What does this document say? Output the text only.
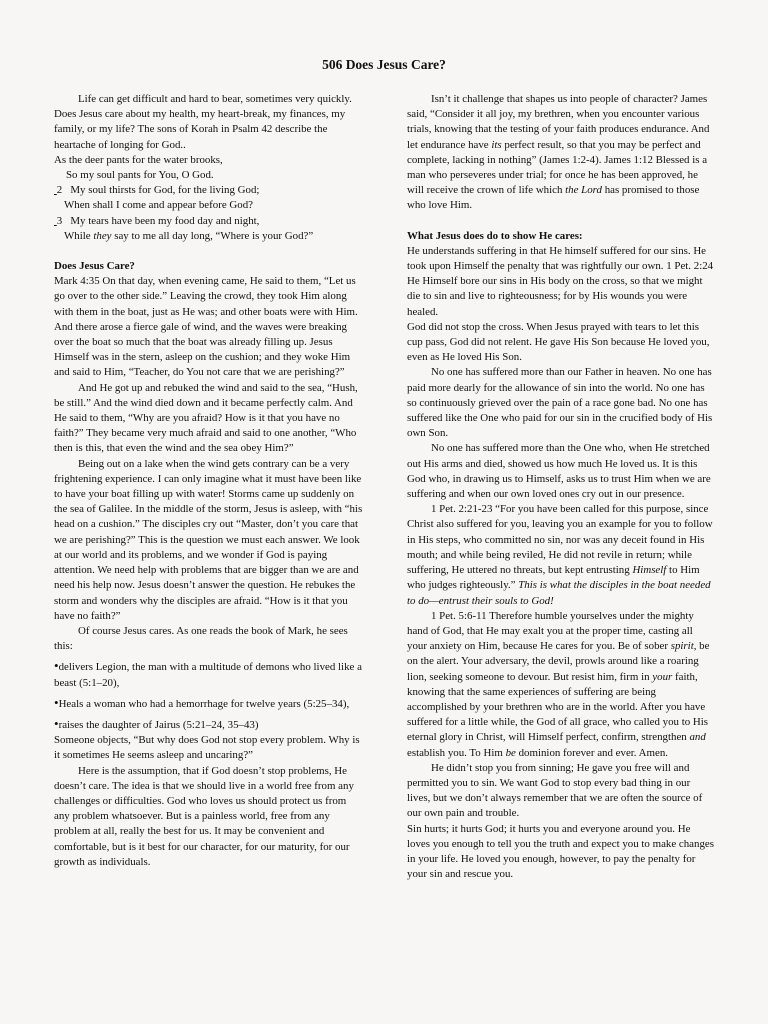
506 Does Jesus Care?

Life can get difficult and hard to bear, sometimes very quickly. Does Jesus care about my health, my heart-break, my finances, my family, or my life? The sons of Korah in Psalm 42 describe the heartache of longing for God..

As the deer pants for the water brooks,
So my soul pants for You, O God.
2 My soul thirsts for God, for the living God;
When shall I come and appear before God?
3 My tears have been my food day and night,
While they say to me all day long, “Where is your God?”

Does Jesus Care?

Mark 4:35 On that day, when evening came, He said to them, “Let us go over to the other side.” Leaving the crowd, they took Him along with them in the boat, just as He was; and other boats were with Him. And there arose a fierce gale of wind, and the waves were breaking over the boat so much that the boat was already filling up. Jesus Himself was in the stern, asleep on the cushion; and they woke Him and said to Him, “Teacher, do You not care that we are perishing?”

And He got up and rebuked the wind and said to the sea, “Hush, be still.” And the wind died down and it became perfectly calm. And He said to them, “Why are you afraid? How is it that you have no faith?” They became very much afraid and said to one another, “Who then is this, that even the wind and the sea obey Him?”

Being out on a lake when the wind gets contrary can be a very frightening experience. I can only imagine what it must have been like to have your boat filling up with water! Storms came up suddenly on the sea of Galilee. In the middle of the storm, Jesus is asleep, with “his head on a cushion.” The disciples cry out “Master, don’t you care that we are perishing?” This is the question we must each answer. We look at our world and its problems, and we wonder if God is paying attention. We need help with problems that are bigger than we are and need his help now. Jesus doesn’t answer the question. He rebukes the storm and wonders why the disciples are afraid. “How is it that you have no faith?”

Of course Jesus cares. As one reads the book of Mark, he sees this:

•delivers Legion, the man with a multitude of demons who lived like a beast (5:1–20),

•Heals a woman who had a hemorrhage for twelve years (5:25–34),

•raises the daughter of Jairus (5:21–24, 35–43)

Someone objects, “But why does God not stop every problem. Why is it sometimes He seems asleep and uncaring?”

Here is the assumption, that if God doesn’t stop problems, He doesn’t care. The idea is that we should live in a world free from any challenges or difficulties. God who loves us should protect us from any problem whatsoever. But is a painless world, free from any problem at all, really the best for us. It may be convenient and comfortable, but is it best for our character, for our maturity, for our growth as individuals.

Isn’t it challenge that shapes us into people of character? James said, “Consider it all joy, my brethren, when you encounter various trials, knowing that the testing of your faith produces endurance. And let endurance have its perfect result, so that you may be perfect and complete, lacking in nothing” (James 1:2-4). James 1:12 Blessed is a man who perseveres under trial; for once he has been approved, he will receive the crown of life which the Lord has promised to those who love Him.

What Jesus does do to show He cares:

He understands suffering in that He himself suffered for our sins. He took upon Himself the penalty that was rightfully our own. 1 Pet. 2:24 He Himself bore our sins in His body on the cross, so that we might die to sin and live to righteousness; for by His wounds you were healed.

God did not stop the cross. When Jesus prayed with tears to let this cup pass, God did not relent. He gave His Son because He loved you, even as He loved His Son.

No one has suffered more than our Father in heaven. No one has paid more dearly for the allowance of sin into the world. No one has so continuously grieved over the pain of a race gone bad. No one has suffered like the One who paid for our sin in the crucified body of His own Son.

No one has suffered more than the One who, when He stretched out His arms and died, showed us how much He loved us. It is this God who, in drawing us to Himself, asks us to trust Him when we are suffering and when our own loved ones cry out in our presence.

1 Pet. 2:21-23 “For you have been called for this purpose, since Christ also suffered for you, leaving you an example for you to follow in His steps, who committed no sin, nor was any deceit found in His mouth; and while being reviled, He did not revile in return; while suffering, He uttered no threats, but kept entrusting Himself to Him who judges righteously.” This is what the disciples in the boat needed to do—entrust their souls to God!

1 Pet. 5:6-11 Therefore humble yourselves under the mighty hand of God, that He may exalt you at the proper time, casting all your anxiety on Him, because He cares for you. Be of sober spirit, be on the alert. Your adversary, the devil, prowls around like a roaring lion, seeking someone to devour. But resist him, firm in your faith, knowing that the same experiences of suffering are being accomplished by your brethren who are in the world. After you have suffered for a little while, the God of all grace, who called you to His eternal glory in Christ, will Himself perfect, confirm, strengthen and establish you. To Him be dominion forever and ever. Amen.

He didn’t stop you from sinning; He gave you free will and permitted you to sin. We want God to stop every bad thing in our lives, but we don’t always remember that we are often the source of our own pain and trouble.

Sin hurts; it hurts God; it hurts you and everyone around you. He loves you enough to tell you the truth and expect you to make changes in your life. He loved you enough, however, to pay the penalty for your sin and rescue you.
